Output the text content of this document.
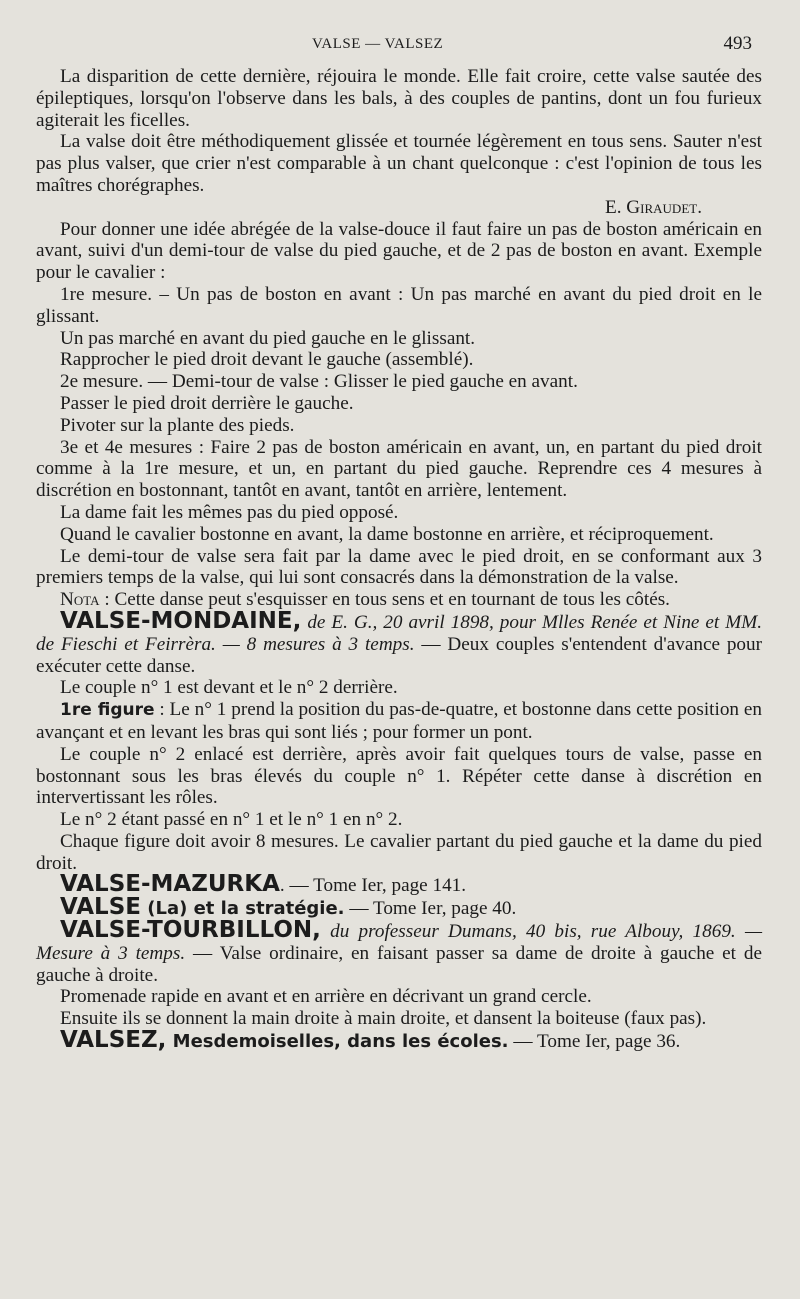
VALSE — VALSEZ	493

La disparition de cette dernière, réjouira le monde. Elle fait croire, cette valse sautée des épileptiques, lorsqu'on l'observe dans les bals, à des couples de pantins, dont un fou furieux agiterait les ficelles.

La valse doit être méthodiquement glissée et tournée légèrement en tous sens. Sauter n'est pas plus valser, que crier n'est comparable à un chant quelconque : c'est l'opinion de tous les maîtres chorégraphes.

E. Giraudet.

Pour donner une idée abrégée de la valse-douce il faut faire un pas de boston américain en avant, suivi d'un demi-tour de valse du pied gauche, et de 2 pas de boston en avant. Exemple pour le cavalier :

1re mesure. – Un pas de boston en avant : Un pas marché en avant du pied droit en le glissant.

Un pas marché en avant du pied gauche en le glissant.

Rapprocher le pied droit devant le gauche (assemblé).

2e mesure. — Demi-tour de valse : Glisser le pied gauche en avant.

Passer le pied droit derrière le gauche.

Pivoter sur la plante des pieds.

3e et 4e mesures : Faire 2 pas de boston américain en avant, un, en partant du pied droit comme à la 1re mesure, et un, en partant du pied gauche. Reprendre ces 4 mesures à discrétion en bostonnant, tantôt en avant, tantôt en arrière, lentement.

La dame fait les mêmes pas du pied opposé.

Quand le cavalier bostonne en avant, la dame bostonne en arrière, et réciproquement.

Le demi-tour de valse sera fait par la dame avec le pied droit, en se conformant aux 3 premiers temps de la valse, qui lui sont consacrés dans la démonstration de la valse.

Nota : Cette danse peut s'esquisser en tous sens et en tournant de tous les côtés.

VALSE-MONDAINE, de E. G., 20 avril 1898, pour Mlles Renée et Nine et MM. de Fieschi et Feirrèra. — 8 mesures à 3 temps. — Deux couples s'entendent d'avance pour exécuter cette danse.

Le couple n° 1 est devant et le n° 2 derrière.

1re figure : Le n° 1 prend la position du pas-de-quatre, et bostonne dans cette position en avançant et en levant les bras qui sont liés ; pour former un pont.

Le couple n° 2 enlacé est derrière, après avoir fait quelques tours de valse, passe en bostonnant sous les bras élevés du couple n° 1. Répéter cette danse à discrétion en intervertissant les rôles.

Le n° 2 étant passé en n° 1 et le n° 1 en n° 2.

Chaque figure doit avoir 8 mesures. Le cavalier partant du pied gauche et la dame du pied droit.

VALSE-MAZURKA. — Tome Ier, page 141.

VALSE (La) et la stratégie. — Tome Ier, page 40.

VALSE-TOURBILLON, du professeur Dumans, 40 bis, rue Albouy, 1869. — Mesure à 3 temps. — Valse ordinaire, en faisant passer sa dame de droite à gauche et de gauche à droite.

Promenade rapide en avant et en arrière en décrivant un grand cercle.

Ensuite ils se donnent la main droite à main droite, et dansent la boiteuse (faux pas).

VALSEZ, Mesdemoiselles, dans les écoles. — Tome Ier, page 36.
